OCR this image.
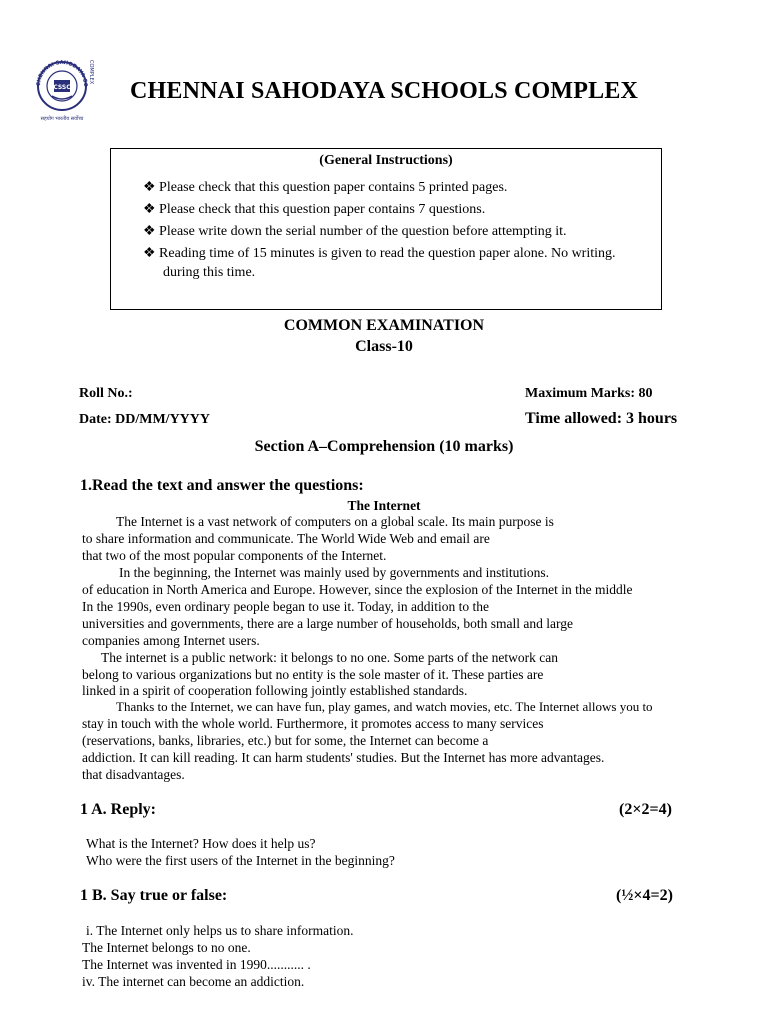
CHENNAI SAHODAYA SC
CSSC
COMPLEX
सहयोग भारतीय सर्वोच्च
CHENNAI SAHODAYA SCHOOLS COMPLEX
(General Instructions)
❖ Please check that this question paper contains 5 printed pages.
❖ Please check that this question paper contains 7 questions.
❖ Please write down the serial number of the question before attempting it.
❖ Reading time of 15 minutes is given to read the question paper alone. No writing.
during this time.
COMMON EXAMINATION
Class-10
Roll No.:	Maximum Marks: 80
Date: DD/MM/YYYY	Time allowed: 3 hours
Section A–Comprehension (10 marks)
1.Read the text and answer the questions:
The Internet
The Internet is a vast network of computers on a global scale. Its main purpose is
to share information and communicate. The World Wide Web and email are
that two of the most popular components of the Internet.
In the beginning, the Internet was mainly used by governments and institutions.
of education in North America and Europe. However, since the explosion of the Internet in the middle
In the 1990s, even ordinary people began to use it. Today, in addition to the
universities and governments, there are a large number of households, both small and large
companies among Internet users.
The internet is a public network: it belongs to no one. Some parts of the network can
belong to various organizations but no entity is the sole master of it. These parties are
linked in a spirit of cooperation following jointly established standards.
Thanks to the Internet, we can have fun, play games, and watch movies, etc. The Internet allows you to
stay in touch with the whole world. Furthermore, it promotes access to many services
(reservations, banks, libraries, etc.) but for some, the Internet can become a
addiction. It can kill reading. It can harm students' studies. But the Internet has more advantages.
that disadvantages.
1 A. Reply:	(2×2=4)
What is the Internet? How does it help us?
Who were the first users of the Internet in the beginning?
1 B. Say true or false:	(½×4=2)
i. The Internet only helps us to share information.
The Internet belongs to no one.
The Internet was invented in 1990........... .
iv. The internet can become an addiction.
